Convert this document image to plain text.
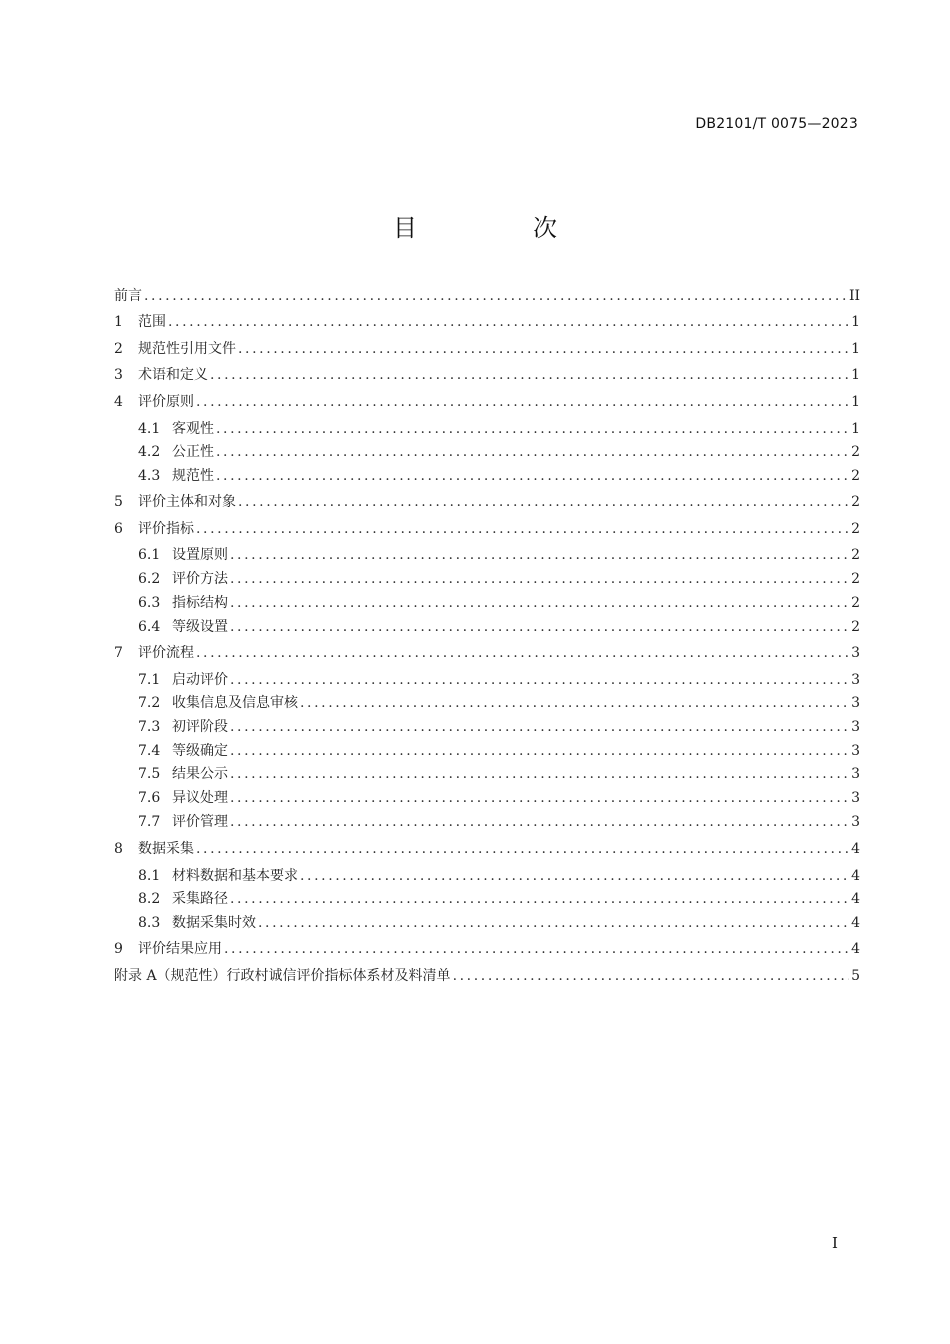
DB2101/T 0075—2023
目　次
前言 .....	II
1	范围 .....	1
2	规范性引用文件 .....	1
3	术语和定义 .....	1
4	评价原则 .....	1
4.1 客观性 .....	1
4.2 公正性 .....	2
4.3 规范性 .....	2
5	评价主体和对象 .....	2
6	评价指标 .....	2
6.1 设置原则 .....	2
6.2 评价方法 .....	2
6.3 指标结构 .....	2
6.4 等级设置 .....	2
7	评价流程 .....	3
7.1 启动评价 .....	3
7.2 收集信息及信息审核 .....	3
7.3 初评阶段 .....	3
7.4 等级确定 .....	3
7.5 结果公示 .....	3
7.6 异议处理 .....	3
7.7 评价管理 .....	3
8	数据采集 .....	4
8.1 材料数据和基本要求 .....	4
8.2 采集路径 .....	4
8.3 数据采集时效 .....	4
9	评价结果应用 .....	4
附录 A（规范性）行政村诚信评价指标体系材及料清单 .....	5
I
